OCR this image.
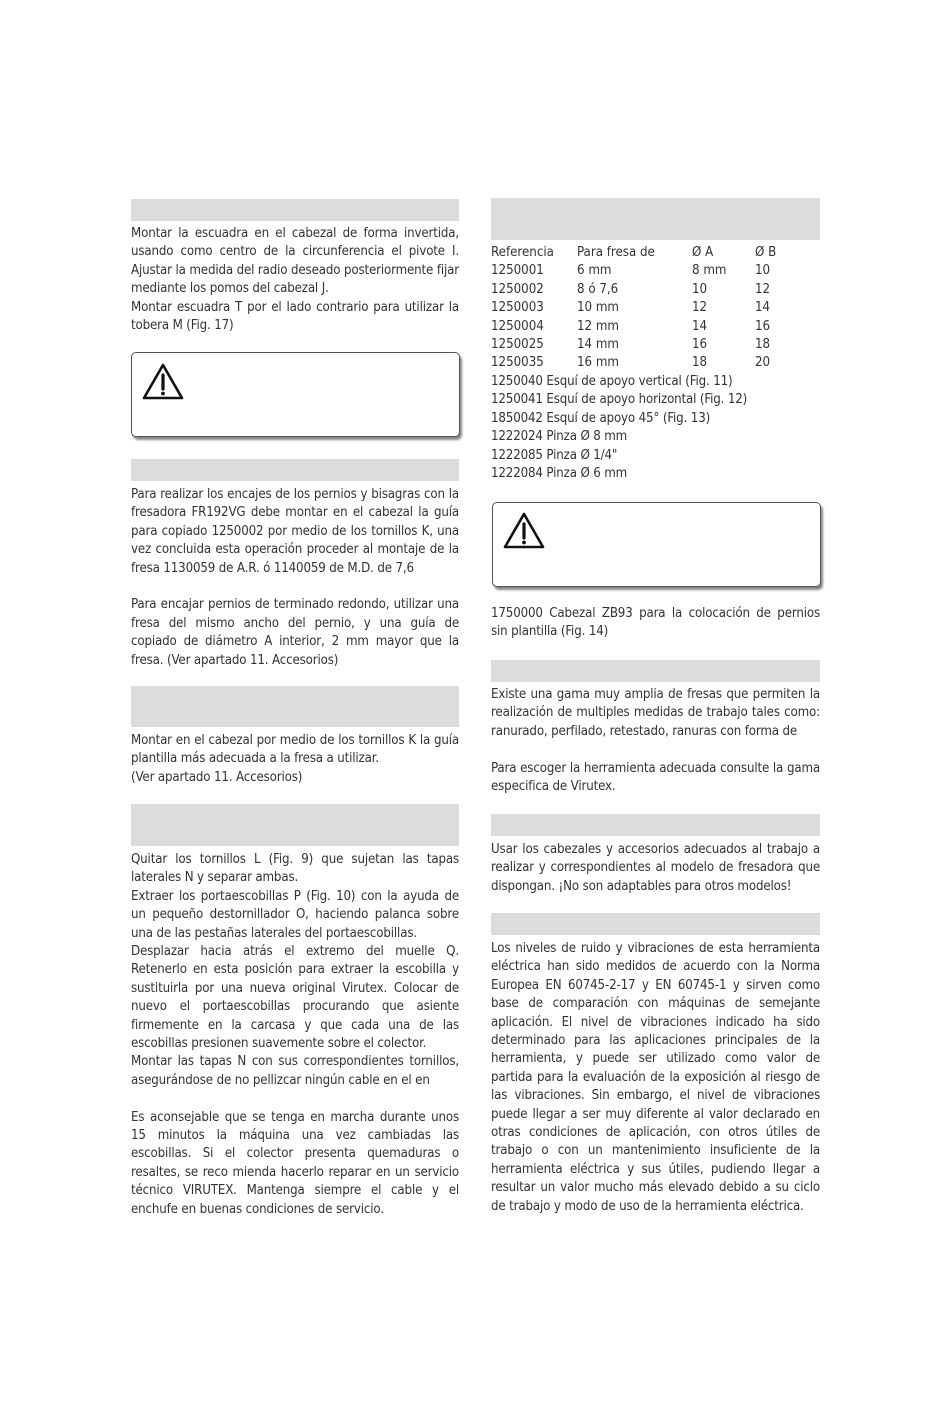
Montar la escuadra en el cabezal de forma invertida, usando como centro de la circunferencia el pivote I. Ajustar la medida del radio deseado posteriormente fijar mediante los pomos del cabezal J.

Montar escuadra T por el lado contrario para utilizar la tobera M (Fig. 17)

Para realizar los encajes de los pernios y bisagras con la fresadora FR192VG debe montar en el cabezal la guía para copiado 1250002 por medio de los tornillos K, una vez concluida esta operación proceder al montaje de la fresa 1130059 de A.R. ó 1140059 de M.D. de 7,6

Para encajar pernios de terminado redondo, utilizar una fresa del mismo ancho del pernio, y una guía de copiado de diámetro A interior, 2 mm mayor que la fresa. (Ver apartado 11. Accesorios)

Montar en el cabezal por medio de los tornillos K la guía plantilla más adecuada a la fresa a utilizar.

(Ver apartado 11. Accesorios)

Quitar los tornillos L (Fig. 9) que sujetan las tapas laterales N y separar ambas.

Extraer los portaescobillas P (Fig. 10) con la ayuda de un pequeño destornillador O, haciendo palanca sobre una de las pestañas laterales del portaescobillas.

Desplazar hacia atrás el extremo del muelle Q. Retenerlo en esta posición para extraer la escobilla y sustituirla por una nueva original Virutex. Colocar de nuevo el portaescobillas procurando que asiente firmemente en la carcasa y que cada una de las escobillas presionen suavemente sobre el colector.

Montar las tapas N con sus correspondientes tornillos, asegurándose de no pellizcar ningún cable en el en

Es aconsejable que se tenga en marcha durante unos 15 minutos la máquina una vez cambiadas las escobillas. Si el colector presenta quemaduras o resaltes, se reco mienda hacerlo reparar en un servicio técnico VIRUTEX. Mantenga siempre el cable y el enchufe en buenas condiciones de servicio.

Referencia	Para fresa de	Ø A	Ø B
1250001	6 mm	8 mm	10
1250002	8 ó 7,6	10	12
1250003	10 mm	12	14
1250004	12 mm	14	16
1250025	14 mm	16	18
1250035	16 mm	18	20

1250040 Esquí de apoyo vertical (Fig. 11)

1250041 Esquí de apoyo horizontal (Fig. 12)

1850042 Esquí de apoyo 45° (Fig. 13)

1222024 Pinza Ø 8 mm

1222085 Pinza Ø 1/4"

1222084 Pinza Ø 6 mm

1750000 Cabezal ZB93 para la colocación de pernios sin plantilla (Fig. 14)

Existe una gama muy amplia de fresas que permiten la realización de multiples medidas de trabajo tales como: ranurado, perfilado, retestado, ranuras con forma de

Para escoger la herramienta adecuada consulte la gama especifica de Virutex.

Usar los cabezales y accesorios adecuados al trabajo a realizar y correspondientes al modelo de fresadora que dispongan. ¡No son adaptables para otros modelos!

Los niveles de ruido y vibraciones de esta herramienta eléctrica han sido medidos de acuerdo con la Norma Europea EN 60745-2-17 y EN 60745-1 y sirven como base de comparación con máquinas de semejante aplicación. El nivel de vibraciones indicado ha sido determinado para las aplicaciones principales de la herramienta, y puede ser utilizado como valor de partida para la evaluación de la exposición al riesgo de las vibraciones. Sin embargo, el nivel de vibraciones puede llegar a ser muy diferente al valor declarado en otras condiciones de aplicación, con otros útiles de trabajo o con un mantenimiento insuficiente de la herramienta eléctrica y sus útiles, pudiendo llegar a resultar un valor mucho más elevado debido a su ciclo de trabajo y modo de uso de la herramienta eléctrica.
